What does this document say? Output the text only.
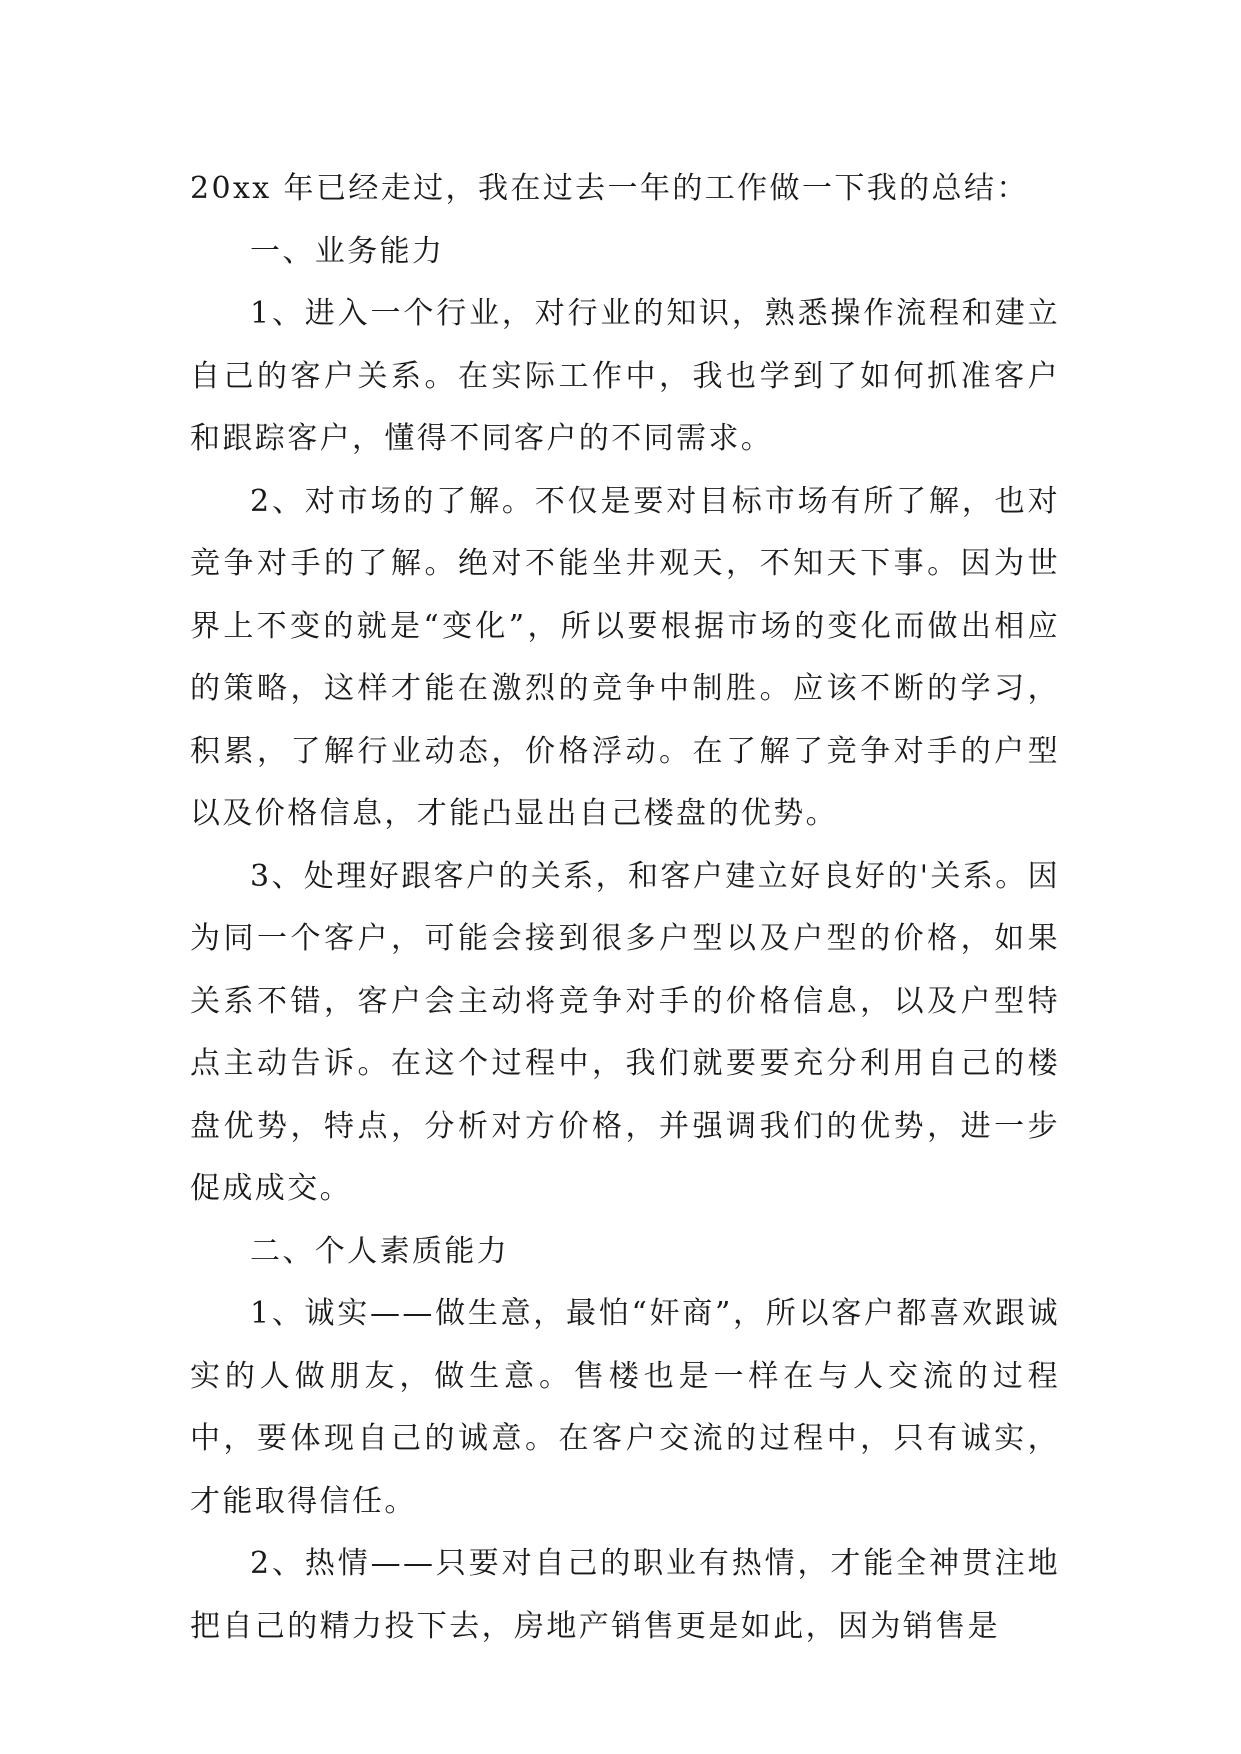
20xx 年已经走过，我在过去一年的工作做一下我的总结：

一、业务能力

1、进入一个行业，对行业的知识，熟悉操作流程和建立自己的客户关系。在实际工作中，我也学到了如何抓准客户和跟踪客户，懂得不同客户的不同需求。

2、对市场的了解。不仅是要对目标市场有所了解，也对竞争对手的了解。绝对不能坐井观天，不知天下事。因为世界上不变的就是“变化”，所以要根据市场的变化而做出相应的策略，这样才能在激烈的竞争中制胜。应该不断的学习，积累，了解行业动态，价格浮动。在了解了竞争对手的户型以及价格信息，才能凸显出自己楼盘的优势。

3、处理好跟客户的关系，和客户建立好良好的'关系。因为同一个客户，可能会接到很多户型以及户型的价格，如果关系不错，客户会主动将竞争对手的价格信息，以及户型特点主动告诉。在这个过程中，我们就要要充分利用自己的楼盘优势，特点，分析对方价格，并强调我们的优势，进一步促成成交。

二、个人素质能力

1、诚实——做生意，最怕“奸商”，所以客户都喜欢跟诚实的人做朋友，做生意。售楼也是一样在与人交流的过程中，要体现自己的诚意。在客户交流的过程中，只有诚实，才能取得信任。

2、热情——只要对自己的职业有热情，才能全神贯注地把自己的精力投下去，房地产销售更是如此，因为销售是
